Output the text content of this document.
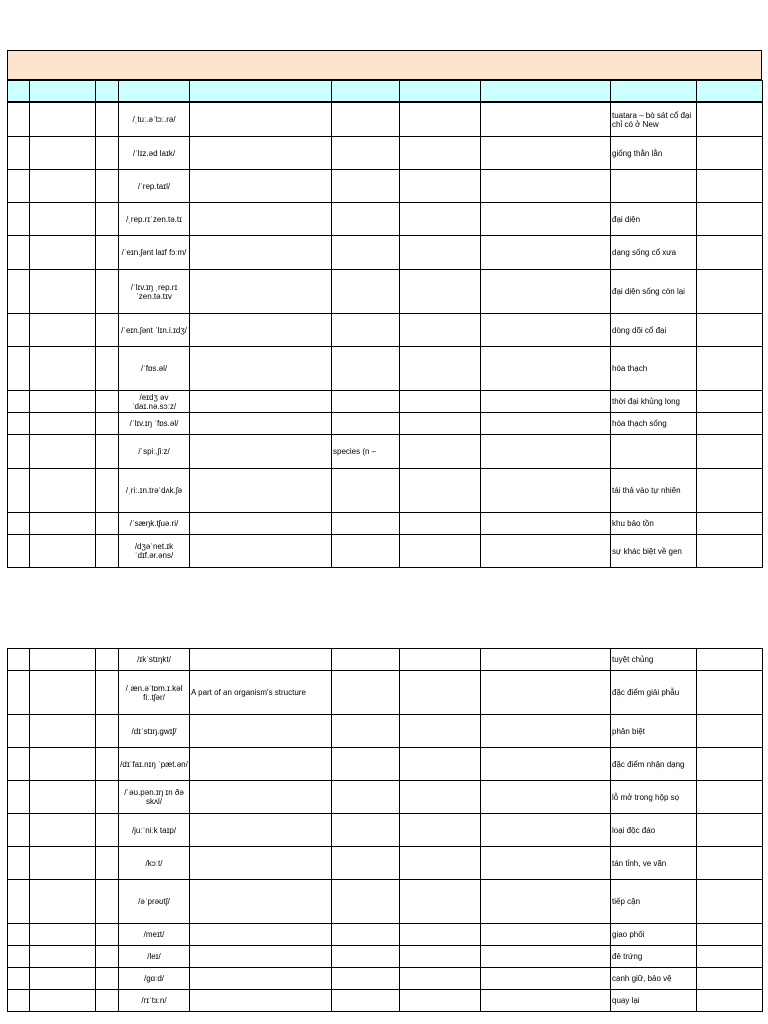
			/ˌtuː.əˈtɔː.rə/					tuatara – bò sát cổ đại chỉ có ở New	
			/ˈlɪz.əd laɪk/					giống thằn lằn	
			/ˈrep.taɪl/						
			/ˌrep.rɪˈzen.tə.tɪ					đại diện	
			/ˈeɪn.ʃənt laɪf fɔːm/					dạng sống cổ xưa	
			/ˈlɪv.ɪŋ ˌrep.rɪˈzen.tə.tɪv					đại diện sống còn lại	
			/ˈeɪn.ʃənt ˈlɪn.i.ɪdʒ/					dòng dõi cổ đại	
			/ˈfɒs.əl/					hóa thạch	
			/eɪdʒ əv ˈdaɪ.nə.sɔːz/					thời đại khủng long	
			/ˈlɪv.ɪŋ ˈfɒs.əl/					hóa thạch sống	
			/ˈspiː.ʃiːz/		species (n –				
			/ˌriː.ɪn.trəˈdʌk.ʃə					tái thả vào tự nhiên	
			/ˈsæŋk.tʃuə.ri/					khu bảo tồn	
			/dʒəˈnet.ɪk ˈdɪf.ər.əns/					sự khác biệt về gen	
			/ɪkˈstɪŋkt/					tuyệt chủng	
			/ˌæn.əˈtɒm.ɪ.kəl fiː.tʃər/	A part of an organism's structure				đặc điểm giải phẫu	
			/dɪˈstɪŋ.gwɪʃ/					phân biệt	
			/dɪˈfaɪ.nɪŋ ˈpæt.ən/					đặc điểm nhận dạng	
			/ˈəʊ.pən.ɪŋ ɪn ðə skʌl/					lỗ mở trong hộp sọ	
			/juːˈniːk taɪp/					loại độc đáo	
			/kɔːt/					tán tỉnh, ve vãn	
			/əˈprəʊtʃ/					tiếp cận	
			/meɪt/					giao phối	
			/leɪ/					đẻ trứng	
			/gɑːd/					canh giữ, bảo vệ	
			/rɪˈtɜːn/					quay lại	
